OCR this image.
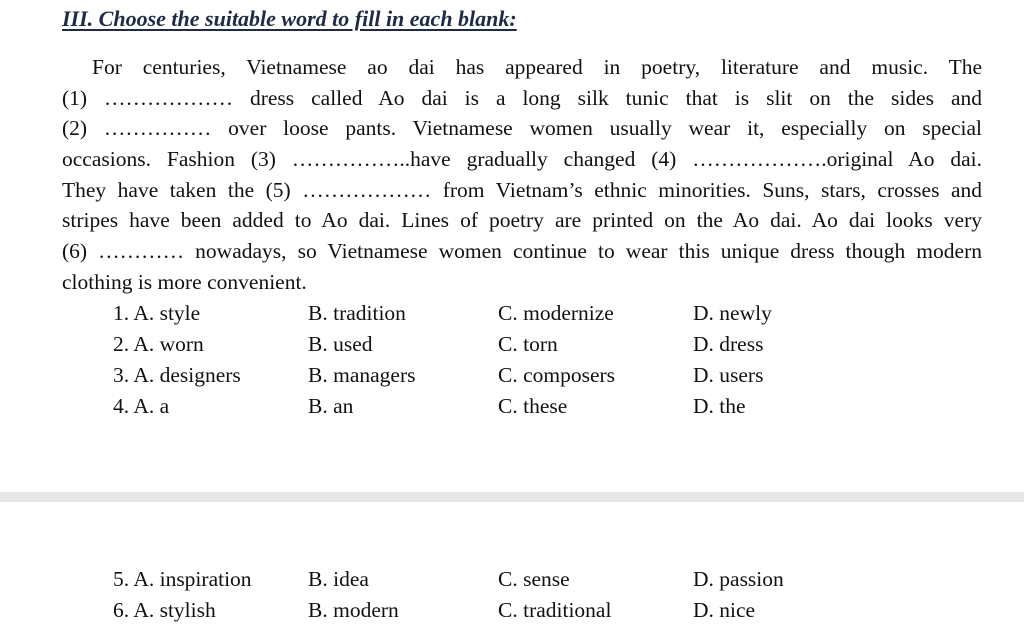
III. Choose the suitable word to fill in each blank:
For centuries, Vietnamese ao dai has appeared in poetry, literature and music. The
(1) ……………… dress called Ao dai is a long silk tunic that is slit on the sides and
(2) …………… over loose pants. Vietnamese women usually wear it, especially on special
occasions. Fashion (3) ……………..have gradually changed (4) ……………….original Ao dai.
They have taken the (5) ……………… from Vietnam’s ethnic minorities. Suns, stars, crosses and
stripes have been added to Ao dai. Lines of poetry are printed on the Ao dai. Ao dai looks very
(6) ………… nowadays, so Vietnamese women continue to wear this unique dress though modern
clothing is more convenient.
1. A. style	B. tradition	C. modernize	D. newly
2. A. worn	B. used	C. torn	D. dress
3. A. designers	B. managers	C. composers	D. users
4. A. a	B. an	C. these	D. the
5. A. inspiration	B. idea	C. sense	D. passion
6. A. stylish	B. modern	C. traditional	D. nice
